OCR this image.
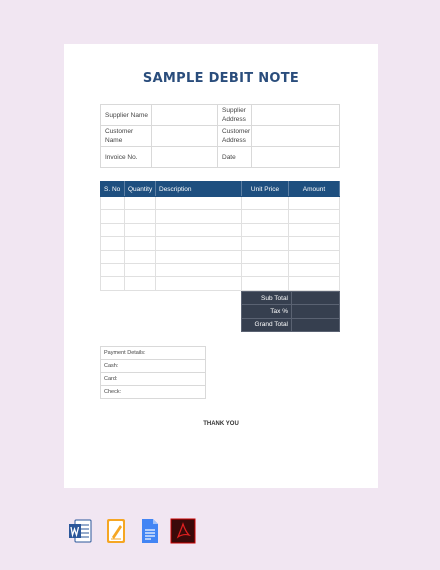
SAMPLE DEBIT NOTE
Supplier Name		Supplier Address	
Customer Name		Customer Address	
Invoice No.		Date	
S. No	Quantity	Description	Unit Price	Amount

Sub Total	
Tax %	
Grand Total	
Payment Details:
Cash:
Card:
Check:
THANK YOU
